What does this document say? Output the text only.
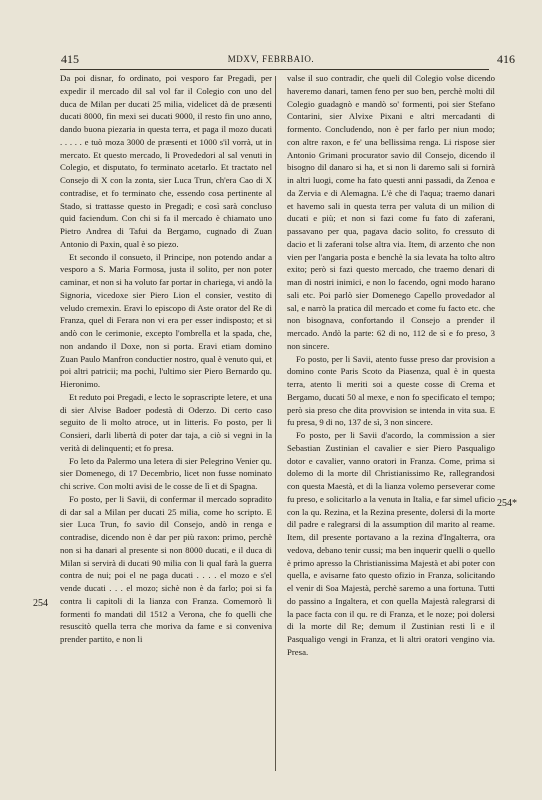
415	MDXV, FEBRBAIO.	416

Da poi disnar, fo ordinato, poi vesporo far Pregadi, per expedir il mercado dil sal vol far il Colegio con uno del duca de Milan per ducati 25 milia, videlicet dà de præsenti ducati 8000, fin mexi sei ducati 9000, il resto fin uno anno, dando buona piezaria in questa terra, et paga il mozo ducati . . . . . e tuò moza 3000 de præsenti et 1000 s'il vorrà, ut in mercato. Et questo mercado, li Provededori al sal venuti in Colegio, et disputato, fo terminato acetarlo. Et tractato nel Consejo di X con la zonta, sier Luca Trun, ch'era Cao di X contradise, et fo terminato che, essendo cosa pertinente al Stado, si trattasse questo in Pregadi; e così sarà concluso quid faciendum. Con chi si fa il mercado è chiamato uno Pietro Andrea di Tafui da Bergamo, cugnado di Zuan Antonio di Paxin, qual è so piezo.

Et secondo il consueto, il Principe, non potendo andar a vesporo a S. Maria Formosa, justa il solito, per non poter caminar, et non si ha voluto far portar in chariega, vi andò la Signoria, vicedoxe sier Piero Lion el consier, vestito di veludo cremexin. Eravi lo episcopo di Aste orator del Re di Franza, quel di Ferara non vi era per esser indisposto; et si andò con le cerimonie, excepto l'ombrella et la spada, che, non andando il Doxe, non si porta. Eravi etiam domino Zuan Paulo Manfron conductier nostro, qual è venuto qui, et poi altri patricii; ma pochi, l'ultimo sier Piero Bernardo qu. Hieronimo.

Et reduto poi Pregadi, e lecto le soprascripte letere, et una di sier Alvise Badoer podestà di Oderzo. Di certo caso seguito de li molto atroce, ut in litteris. Fo posto, per li Consieri, darli libertà di poter dar taja, a ciò si vegni in la verità di delinquenti; et fo presa.

Fo leto da Palermo una letera di sier Pelegrino Venier qu. sier Domenego, di 17 Decembrio, licet non fusse nominato chi scrive. Con molti avisi de le cosse de lì et di Spagna.

Fo posto, per li Savii, di confermar il mercado sopradito di dar sal a Milan per ducati 25 milia, come ho scripto. E sier Luca Trun, fo savio dil Consejo, andò in renga e contradise, dicendo non è dar per più raxon: primo, perchè non si ha danari al presente si non 8000 ducati, e il duca di Milan si servirà di ducati 90 milia con li qual farà la guerra contra de nui; poi el ne paga ducati . . . . el mozo e s'el vende ducati . . . el mozo; sichè non è da farlo; poi si fa contra li capitoli di la lianza con Franza. Comemorò li formenti fo mandati dil 1512 a Verona, che fo quelli che resuscitò quella terra che moriva da fame e si conveniva prender partito, e non li

254

valse il suo contradir, che queli dil Colegio volse dicendo haveremo danari, tamen feno per suo ben, perchè molti dil Colegio guadagnò e mandò so' formenti, poi sier Stefano Contarini, sier Alvixe Pixani e altri mercadanti di formento. Concludendo, non è per farlo per niun modo; con altre raxon, e fe' una bellissima renga. Li rispose sier Antonio Grimani procurator savio dil Consejo, dicendo il bisogno dil danaro si ha, et si non li daremo sali si fornirà in altri luogi, come ha fato questi anni passadi, da Zenoa e da Zervia e di Alemagna. L'è che di l'aqua; traemo danari et havemo sali in questa terra per valuta di un milion di ducati e più; et non si fazi come fu fato di zaferani, passavano per qua, pagava dacio solito, fo cressuto di dacio et li zaferani tolse altra via. Item, di arzento che non vien per l'angaria posta e benchè la sia levata ha tolto altro exito; però si fazi questo mercado, che traemo denari di man di nostri inimici, e non lo facendo, ogni modo harano sali etc. Poi parlò sier Domenego Capello provedador al sal, e narrò la pratica dil mercado et come fu facto etc. che non bisognava, confortando il Consejo a prender il mercado. Andò la parte: 62 di no, 112 de sì e fo preso, 3 non sincere.

Fo posto, per li Savii, atento fusse preso dar provision a domino conte Paris Scoto da Piasenza, qual è in questa terra, atento li meriti soi a queste cosse di Crema et Bergamo, ducati 50 al mexe, e non fo specificato el tempo; però sia preso che dita provvision se intenda in vita sua. E fu presa, 9 di no, 137 de sì, 3 non sincere.

Fo posto, per li Savii d'acordo, la commission a sier Sebastian Zustinian el cavalier e sier Piero Pasqualigo dotor e cavalier, vanno oratori in Franza. Come, prima si dolemo di la morte dil Christianissimo Re, rallegrandosi con questa Maestà, et di la lianza volemo perseverar come fu preso, e solicitarlo a la venuta in Italia, e far simel uficio con la qu. Rezina, et la Rezina presente, dolersi di la morte dil padre e ralegrarsi di la assumption dil marito al reame. Item, dil presente portavano a la rezina d'Ingalterra, ora vedova, debano tenir cussi; ma ben inquerir quelli o quello è primo apresso la Christianissima Majestà et abi poter con quella, e avisarne fato questo ofizio in Franza, solicitando el venir di Soa Majestà, perchè saremo a una fortuna. Tutti do passino a Ingaltera, et con quella Majestà ralegrarsi di la pace facta con il qu. re di Franza, et le noze; poi dolersi di la morte dil Re; demum il Zustinian resti lì e il Pasqualigo vengi in Franza, et li altri oratori vengino via. Presa.

254*
